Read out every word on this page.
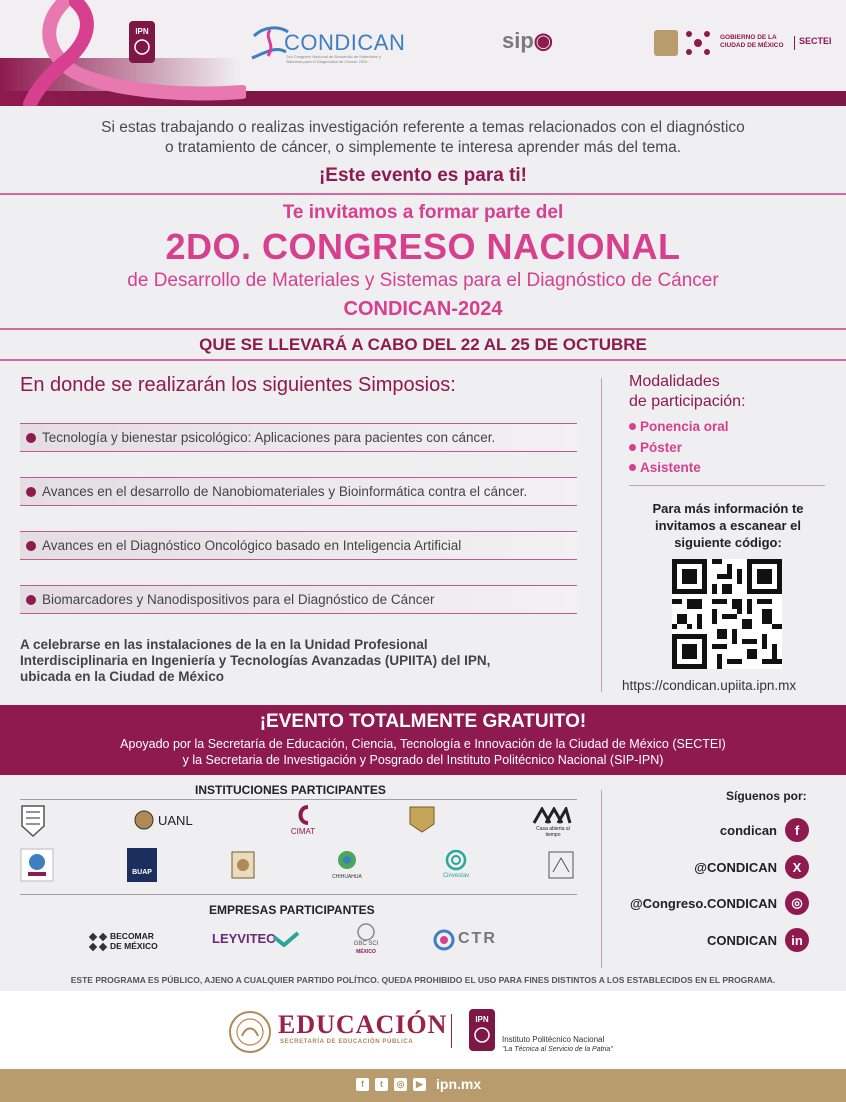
IPN	CONDICAN
2do Congreso Nacional de Desarrollo de Materiales y Sistemas para el Diagnóstico de Cáncer 2024
sip◉	GOBIERNO DE LA
CIUDAD DE MÉXICO	SECTEI
Si estas trabajando o realizas investigación referente a temas relacionados con el diagnóstico
o tratamiento de cáncer, o simplemente te interesa aprender más del tema.
¡Este evento es para ti!
Te invitamos a formar parte del
2DO. CONGRESO NACIONAL
de Desarrollo de Materiales y Sistemas para el Diagnóstico de Cáncer
CONDICAN-2024
QUE SE LLEVARÁ A CABO DEL 22 AL 25 DE OCTUBRE
En donde se realizarán los siguientes Simposios:
Tecnología y bienestar psicológico: Aplicaciones para pacientes con cáncer.
Avances en el desarrollo de Nanobiomateriales y Bioinformática contra el cáncer.
Avances en el Diagnóstico Oncológico basado en Inteligencia Artificial
Biomarcadores y Nanodispositivos para el Diagnóstico de Cáncer
A celebrarse en las instalaciones de la en la Unidad Profesional
Interdisciplinaria en Ingeniería y Tecnologías Avanzadas (UPIITA) del IPN,
ubicada en la Ciudad de México
Modalidades
de participación:
Ponencia oral
Póster
Asistente
Para más información te
invitamos a escanear el
siguiente código:
https://condican.upiita.ipn.mx
¡EVENTO TOTALMENTE GRATUITO!
Apoyado por la Secretaría de Educación, Ciencia, Tecnología e Innovación de la Ciudad de México (SECTEI)
y la Secretaria de Investigación y Posgrado del Instituto Politécnico Nacional (SIP-IPN)
INSTITUCIONES PARTICIPANTES
UANL
CIMAT	Casa abierta al tiempo
BUAP
CHIHUAHUA	Cinvestav
EMPRESAS PARTICIPANTES
BECOMAR
DE MÉXICO	LEYVITEC	GBC SCI
MÉXICO
CTR
Síguenos por:
condican	f
@CONDICAN	X
@Congreso.CONDICAN	◎
CONDICAN	in
ESTE PROGRAMA ES PÚBLICO, AJENO A CUALQUIER PARTIDO POLÍTICO. QUEDA PROHIBIDO EL USO PARA FINES DISTINTOS A LOS ESTABLECIDOS EN EL PROGRAMA.
EDUCACIÓN
SECRETARÍA DE EDUCACIÓN PÚBLICA
IPN
Instituto Politécnico Nacional
"La Técnica al Servicio de la Patria"
f	t	◎	▶ ipn.mx
